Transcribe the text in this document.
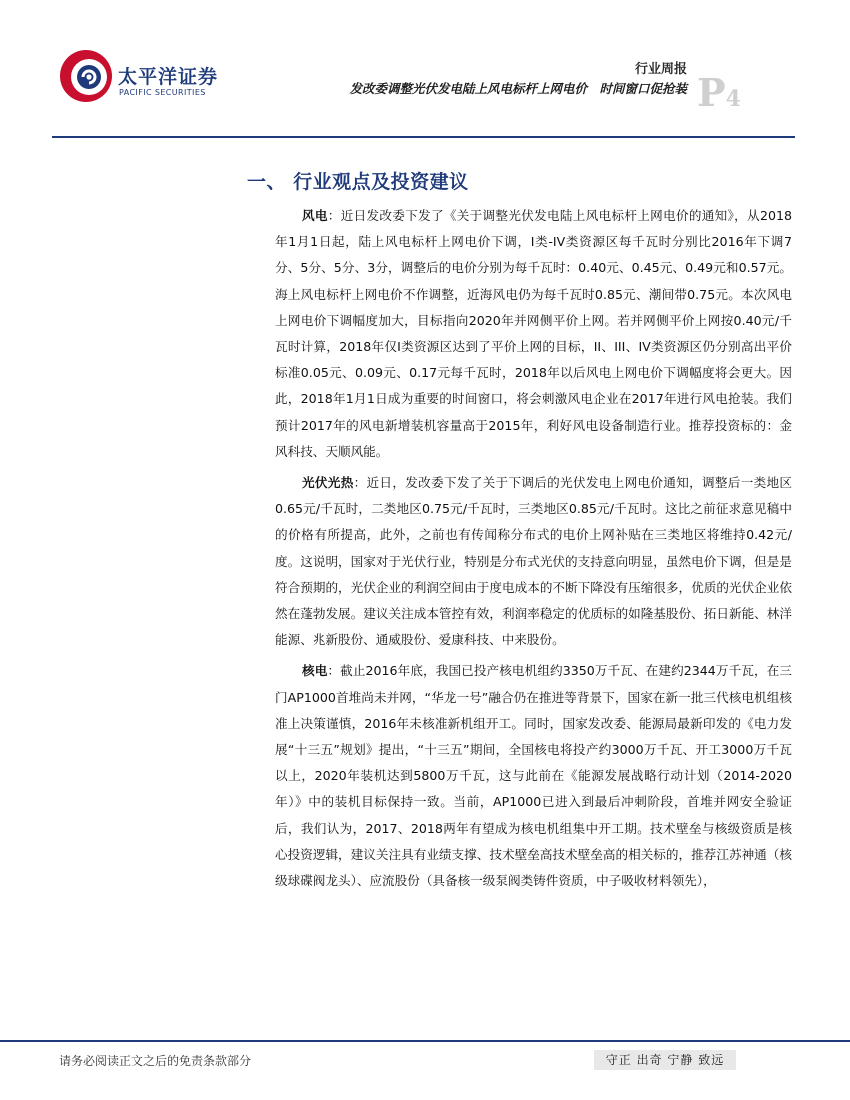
太平洋证券
PACIFIC SECURITIES
行业周报
发改委调整光伏发电陆上风电标杆上网电价　时间窗口促抢装 P4
一、 行业观点及投资建议

风电：近日发改委下发了《关于调整光伏发电陆上风电标杆上网电价的通知》，从2018年1月1日起，陆上风电标杆上网电价下调，I类-IV类资源区每千瓦时分别比2016年下调7分、5分、5分、3分，调整后的电价分别为每千瓦时：0.40元、0.45元、0.49元和0.57元。海上风电标杆上网电价不作调整，近海风电仍为每千瓦时0.85元、潮间带0.75元。本次风电上网电价下调幅度加大，目标指向2020年并网侧平价上网。若并网侧平价上网按0.40元/千瓦时计算，2018年仅I类资源区达到了平价上网的目标，II、III、IV类资源区仍分别高出平价标准0.05元、0.09元、0.17元每千瓦时，2018年以后风电上网电价下调幅度将会更大。因此，2018年1月1日成为重要的时间窗口，将会刺激风电企业在2017年进行风电抢装。我们预计2017年的风电新增装机容量高于2015年，利好风电设备制造行业。推荐投资标的：金风科技、天顺风能。

光伏光热：近日，发改委下发了关于下调后的光伏发电上网电价通知，调整后一类地区0.65元/千瓦时，二类地区0.75元/千瓦时，三类地区0.85元/千瓦时。这比之前征求意见稿中的价格有所提高，此外，之前也有传闻称分布式的电价上网补贴在三类地区将维持0.42元/度。这说明，国家对于光伏行业，特别是分布式光伏的支持意向明显，虽然电价下调，但是是符合预期的，光伏企业的利润空间由于度电成本的不断下降没有压缩很多，优质的光伏企业依然在蓬勃发展。建议关注成本管控有效，利润率稳定的优质标的如隆基股份、拓日新能、林洋能源、兆新股份、通威股份、爱康科技、中来股份。

核电：截止2016年底，我国已投产核电机组约3350万千瓦、在建约2344万千瓦，在三门AP1000首堆尚未并网，“华龙一号”融合仍在推进等背景下，国家在新一批三代核电机组核准上决策谨慎，2016年未核准新机组开工。同时，国家发改委、能源局最新印发的《电力发展“十三五”规划》提出，“十三五”期间，全国核电将投产约3000万千瓦、开工3000万千瓦以上，2020年装机达到5800万千瓦，这与此前在《能源发展战略行动计划（2014-2020年）》中的装机目标保持一致。当前，AP1000已进入到最后冲刺阶段，首堆并网安全验证后，我们认为，2017、2018两年有望成为核电机组集中开工期。技术壁垒与核级资质是核心投资逻辑，建议关注具有业绩支撑、技术壁垒高技术壁垒高的相关标的，推荐江苏神通（核级球碟阀龙头）、应流股份（具备核一级泵阀类铸件资质，中子吸收材料领先），

请务必阅读正文之后的免责条款部分	守正 出奇 宁静 致远
